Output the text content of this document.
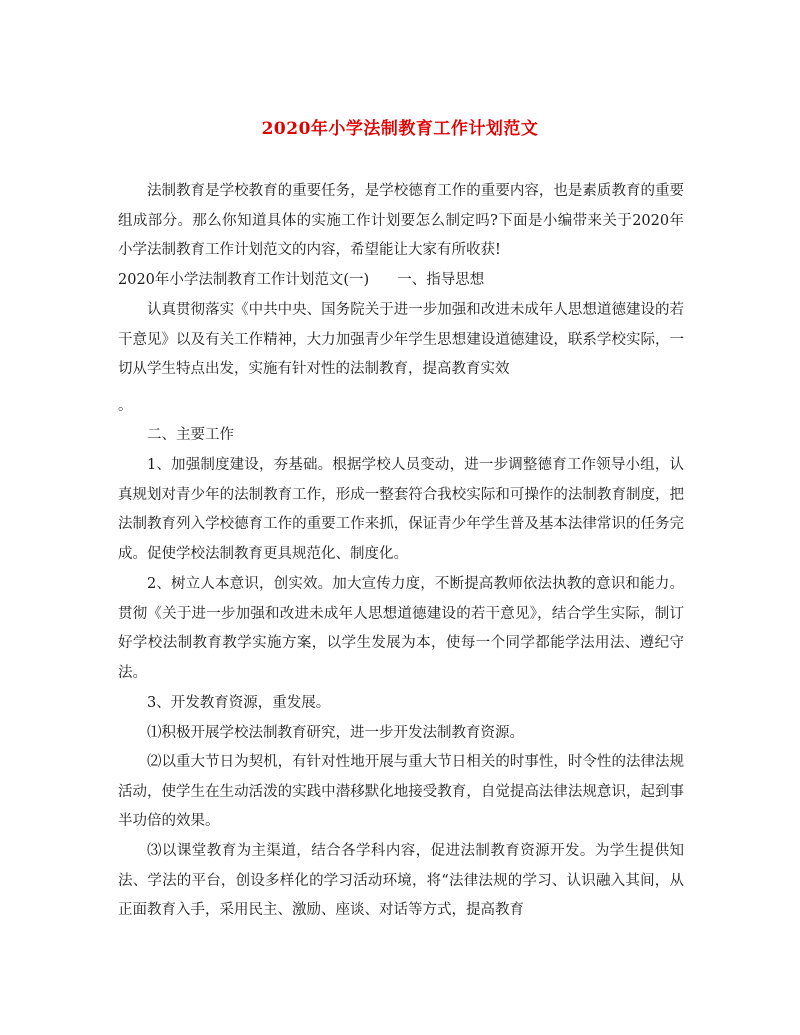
2020年小学法制教育工作计划范文
法制教育是学校教育的重要任务，是学校德育工作的重要内容，也是素质教育的重要组成部分。那么你知道具体的实施工作计划要怎么制定吗?下面是小编带来关于2020年小学法制教育工作计划范文的内容，希望能让大家有所收获!
2020年小学法制教育工作计划范文(一) 一、指导思想
认真贯彻落实《中共中央、国务院关于进一步加强和改进未成年人思想道德建设的若干意见》以及有关工作精神，大力加强青少年学生思想建设道德建设，联系学校实际，一切从学生特点出发，实施有针对性的法制教育，提高教育实效
。
二、主要工作
1、加强制度建设，夯基础。根据学校人员变动，进一步调整德育工作领导小组，认真规划对青少年的法制教育工作，形成一整套符合我校实际和可操作的法制教育制度，把法制教育列入学校德育工作的重要工作来抓，保证青少年学生普及基本法律常识的任务完成。促使学校法制教育更具规范化、制度化。
2、树立人本意识，创实效。加大宣传力度，不断提高教师依法执教的意识和能力。贯彻《关于进一步加强和改进未成年人思想道德建设的若干意见》，结合学生实际，制订好学校法制教育教学实施方案，以学生发展为本，使每一个同学都能学法用法、遵纪守法。
3、开发教育资源，重发展。
⑴积极开展学校法制教育研究，进一步开发法制教育资源。
⑵以重大节日为契机，有针对性地开展与重大节日相关的时事性，时令性的法律法规活动，使学生在生动活泼的实践中潜移默化地接受教育，自觉提高法律法规意识，起到事半功倍的效果。
⑶以课堂教育为主渠道，结合各学科内容，促进法制教育资源开发。为学生提供知法、学法的平台，创设多样化的学习活动环境，将“法律法规的学习、认识融入其间，从正面教育入手，采用民主、激励、座谈、对话等方式，提高教育
